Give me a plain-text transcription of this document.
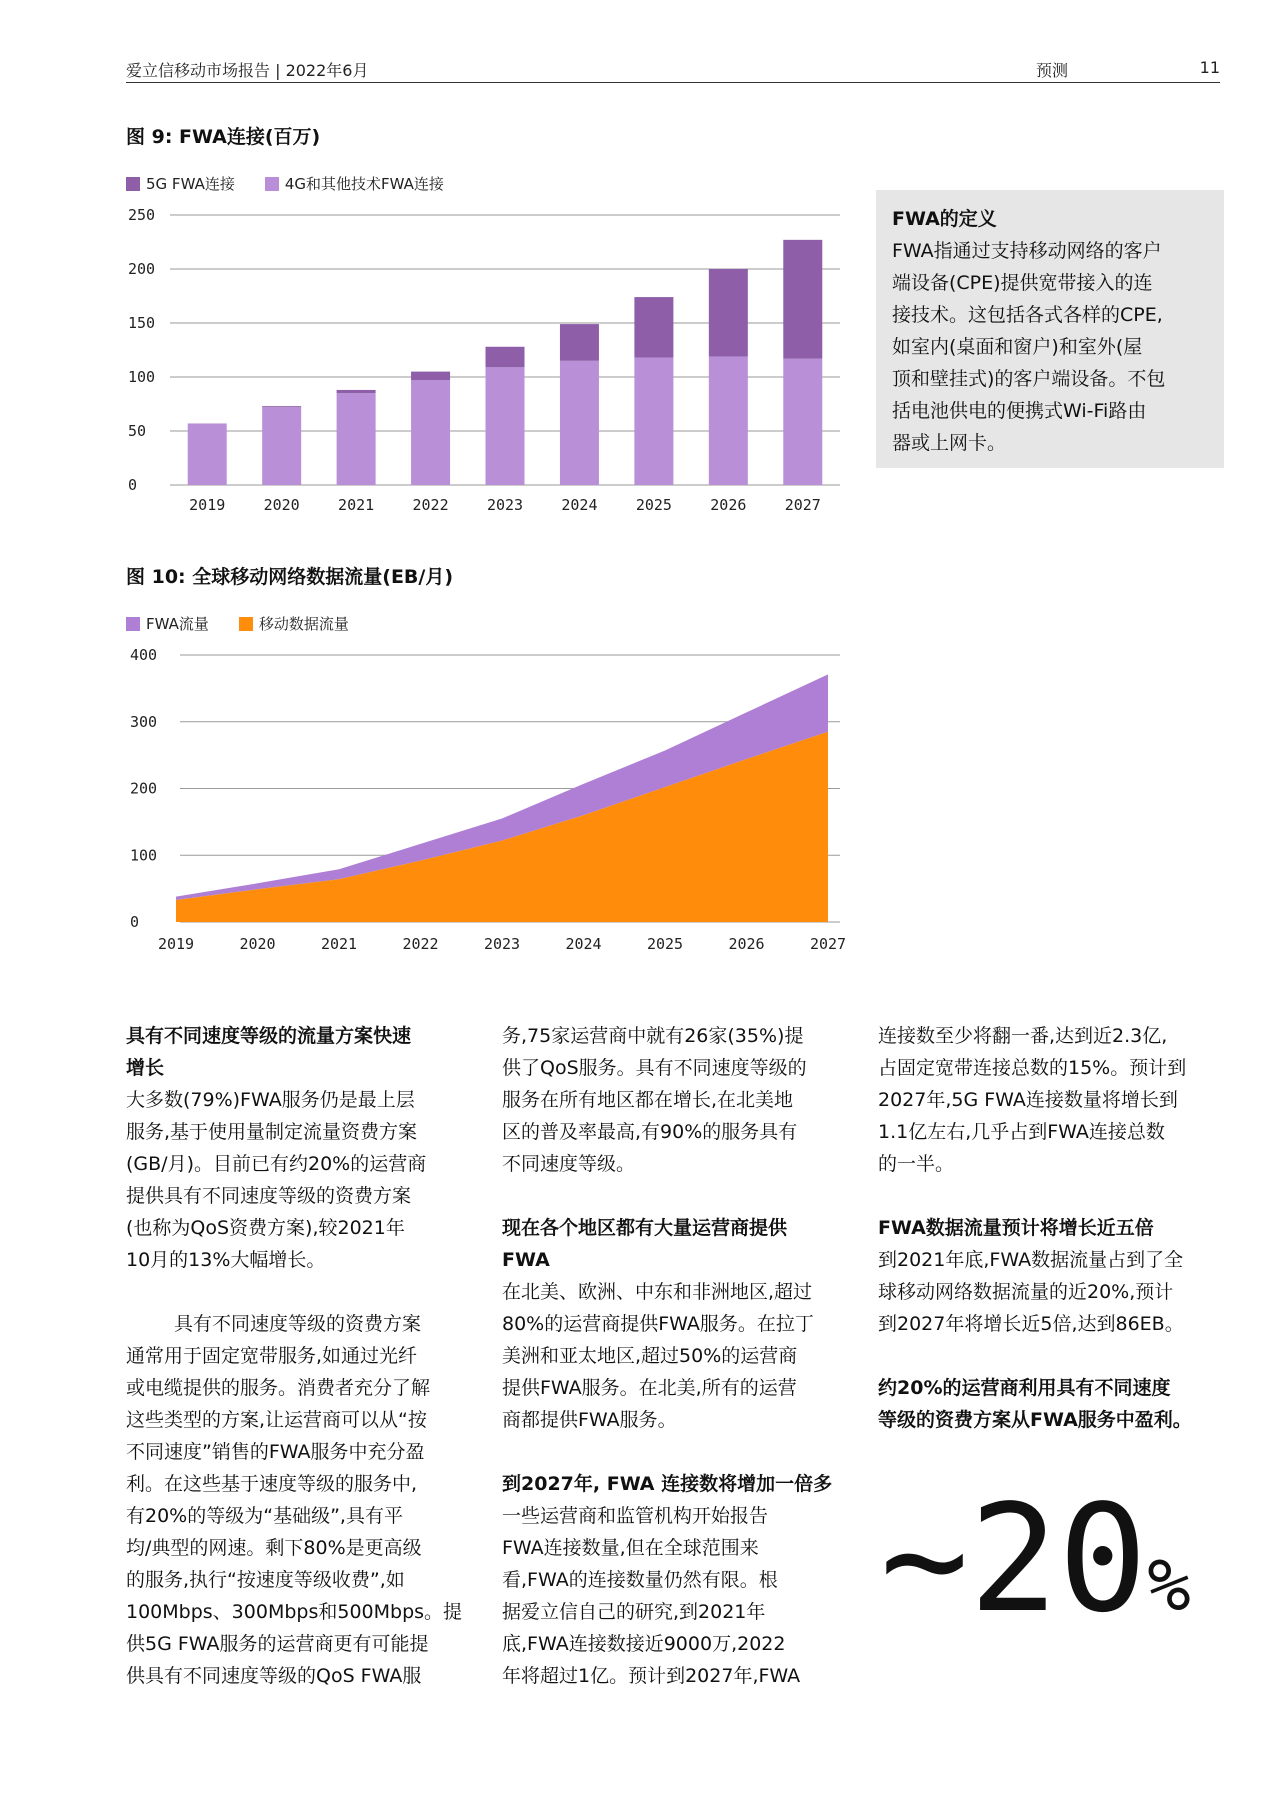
爱立信移动市场报告 | 2022年6月	预测	11
图 9: FWA连接(百万)
5G FWA连接	4G和其他技术FWA连接
0
50
100
150
200
250
2019	2020	2021	2022	2023	2024	2025	2026	2027
FWA的定义

FWA指通过支持移动网络的客户
端设备(CPE)提供宽带接入的连
接技术。这包括各式各样的CPE,
如室内(桌面和窗户)和室外(屋
顶和壁挂式)的客户端设备。不包
括电池供电的便携式Wi-Fi路由
器或上网卡。

图 10: 全球移动网络数据流量(EB/月)
FWA流量	移动数据流量
0
100
200
300
400
2019	2020	2021	2022	2023	2024	2025	2026	2027
具有不同速度等级的流量方案快速
增长

大多数(79%)FWA服务仍是最上层
服务,基于使用量制定流量资费方案
(GB/月)。目前已有约20%的运营商
提供具有不同速度等级的资费方案
(也称为QoS资费方案),较2021年
10月的13%大幅增长。

具有不同速度等级的资费方案
通常用于固定宽带服务,如通过光纤
或电缆提供的服务。消费者充分了解
这些类型的方案,让运营商可以从“按
不同速度”销售的FWA服务中充分盈
利。在这些基于速度等级的服务中,
有20%的等级为“基础级”,具有平
均/典型的网速。剩下80%是更高级
的服务,执行“按速度等级收费”,如
100Mbps、300Mbps和500Mbps。提
供5G FWA服务的运营商更有可能提
供具有不同速度等级的QoS FWA服

务,75家运营商中就有26家(35%)提
供了QoS服务。具有不同速度等级的
服务在所有地区都在增长,在北美地
区的普及率最高,有90%的服务具有
不同速度等级。

现在各个地区都有大量运营商提供
FWA

在北美、欧洲、中东和非洲地区,超过
80%的运营商提供FWA服务。在拉丁
美洲和亚太地区,超过50%的运营商
提供FWA服务。在北美,所有的运营
商都提供FWA服务。

到2027年, FWA 连接数将增加一倍多

一些运营商和监管机构开始报告
FWA连接数量,但在全球范围来
看,FWA的连接数量仍然有限。根
据爱立信自己的研究,到2021年
底,FWA连接数接近9000万,2022
年将超过1亿。预计到2027年,FWA

连接数至少将翻一番,达到近2.3亿,
占固定宽带连接总数的15%。预计到
2027年,5G FWA连接数量将增长到
1.1亿左右,几乎占到FWA连接总数
的一半。

FWA数据流量预计将增长近五倍

到2021年底,FWA数据流量占到了全
球移动网络数据流量的近20%,预计
到2027年将增长近5倍,达到86EB。

约20%的运营商利用具有不同速度
等级的资费方案从FWA服务中盈利。
~20%
